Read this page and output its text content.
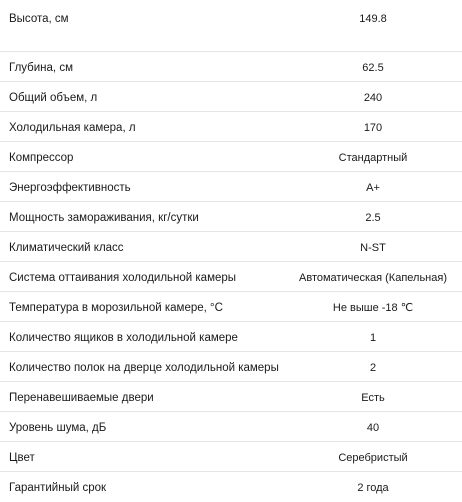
Высота, см	149.8
Глубина, см	62.5
Общий объем, л	240
Холодильная камера, л	170
Компрессор	Стандартный
Энергоэффективность	A+
Мощность замораживания, кг/сутки	2.5
Климатический класс	N-ST
Система оттаивания холодильной камеры	Автоматическая (Капельная)
Температура в морозильной камере, °C	Не выше -18 ℃
Количество ящиков в холодильной камере	1
Количество полок на дверце холодильной камеры	2
Перенавешиваемые двери	Есть
Уровень шума, дБ	40
Цвет	Серебристый
Гарантийный срок	2 года
